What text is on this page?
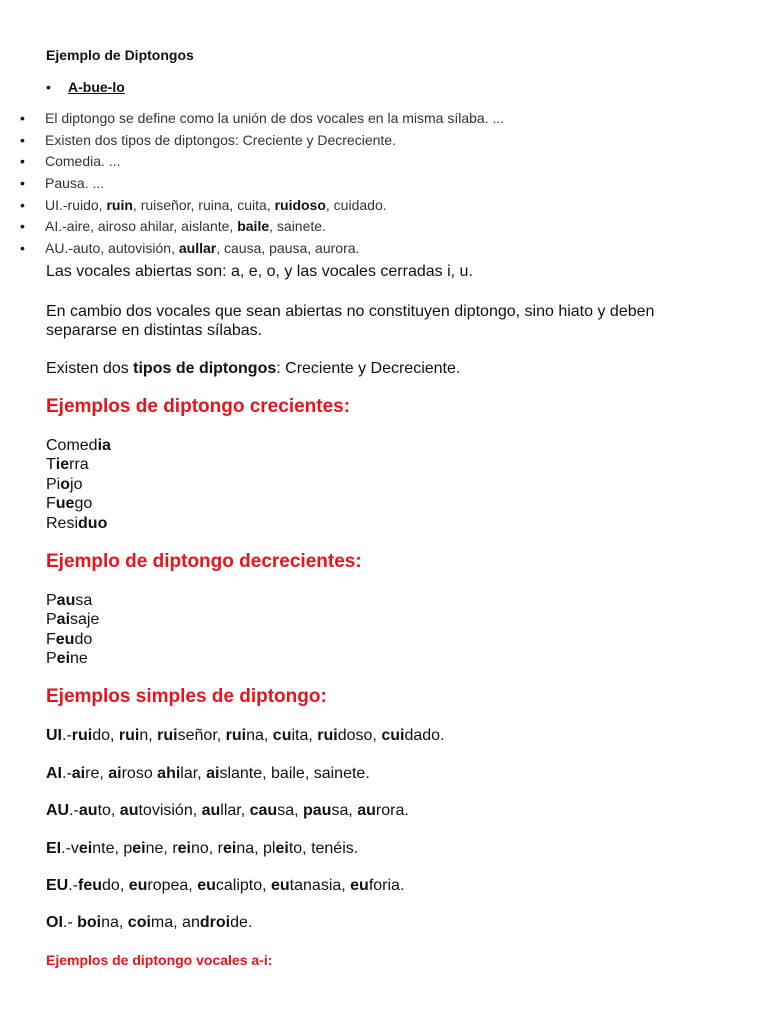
Ejemplo de Diptongos
• A-bue-lo
• El diptongo se define como la unión de dos vocales en la misma sílaba. ...
• Existen dos tipos de diptongos: Creciente y Decreciente.
• Comedia. ...
• Pausa. ...
• UI.-ruido, ruin, ruiseñor, ruina, cuita, ruidoso, cuidado.
• AI.-aire, airoso ahilar, aislante, baile, sainete.
• AU.-auto, autovisión, aullar, causa, pausa, aurora.

Las vocales abiertas son: a, e, o, y las vocales cerradas i, u.

En cambio dos vocales que sean abiertas no constituyen diptongo, sino hiato y deben separarse en distintas sílabas.

Existen dos tipos de diptongos: Creciente y Decreciente.

Ejemplos de diptongo crecientes:
Comedia
Tierra
Piojo
Fuego
Residuo
Ejemplo de diptongo decrecientes:
Pausa
Paisaje
Feudo
Peine
Ejemplos simples de diptongo:

UI.-ruido, ruin, ruiseñor, ruina, cuita, ruidoso, cuidado.

AI.-aire, airoso ahilar, aislante, baile, sainete.

AU.-auto, autovisión, aullar, causa, pausa, aurora.

EI.-veinte, peine, reino, reina, pleito, tenéis.

EU.-feudo, europea, eucalipto, eutanasia, euforia.

OI.- boina, coima, androide.

Ejemplos de diptongo vocales a-i:
